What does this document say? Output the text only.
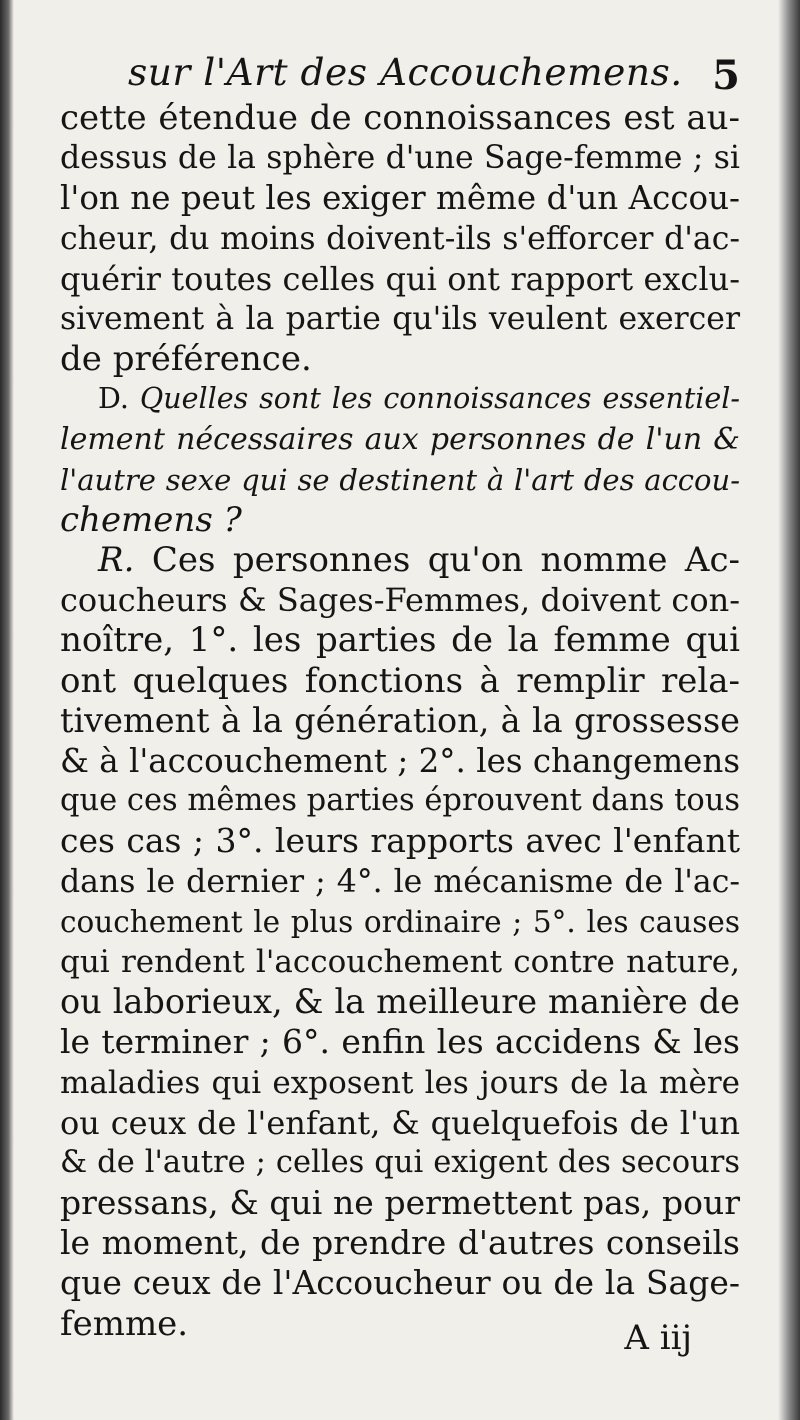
sur l'Art des Accouchemens. 5
cette étendue de connoissances est au-
dessus de la sphère d'une Sage-femme ; si
l'on ne peut les exiger même d'un Accou-
cheur, du moins doivent-ils s'efforcer d'ac-
quérir toutes celles qui ont rapport exclu-
sivement à la partie qu'ils veulent exercer
de préférence.
D. Quelles sont les connoissances essentiel-
lement nécessaires aux personnes de l'un &
l'autre sexe qui se destinent à l'art des accou-
chemens ?
R. Ces personnes qu'on nomme Ac-
coucheurs & Sages-Femmes, doivent con-
noître, 1°. les parties de la femme qui
ont quelques fonctions à remplir rela-
tivement à la génération, à la grossesse
& à l'accouchement ; 2°. les changemens
que ces mêmes parties éprouvent dans tous
ces cas ; 3°. leurs rapports avec l'enfant
dans le dernier ; 4°. le mécanisme de l'ac-
couchement le plus ordinaire ; 5°. les causes
qui rendent l'accouchement contre nature,
ou laborieux, & la meilleure manière de
le terminer ; 6°. enfin les accidens & les
maladies qui exposent les jours de la mère
ou ceux de l'enfant, & quelquefois de l'un
& de l'autre ; celles qui exigent des secours
pressans, & qui ne permettent pas, pour
le moment, de prendre d'autres conseils
que ceux de l'Accoucheur ou de la Sage-
femme.	A iij
